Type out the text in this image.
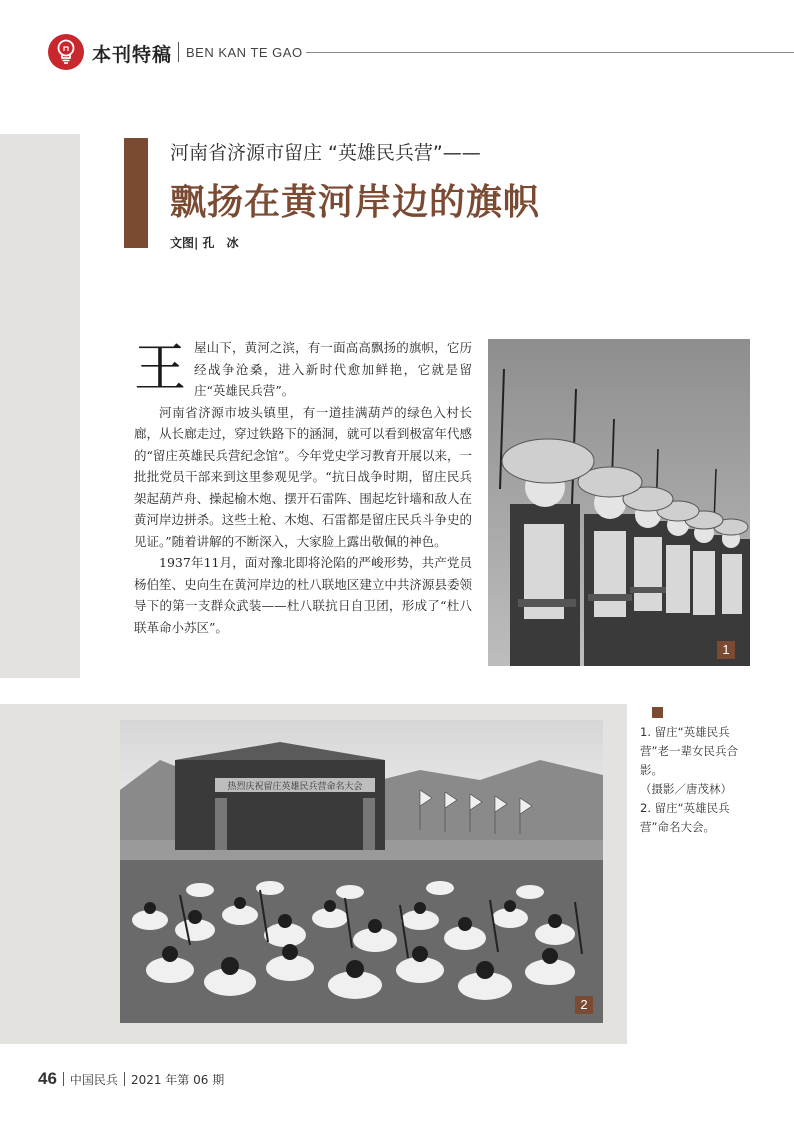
本刊特稿 BEN KAN TE GAO
河南省济源市留庄 “英雄民兵营”——
飘扬在黄河岸边的旗帜
文图| 孔　冰

王屋山下，黄河之滨，有一面高高飘扬的旗帜，它历经战争沧桑，进入新时代愈加鲜艳，它就是留庄“英雄民兵营”。

河南省济源市坡头镇里，有一道挂满葫芦的绿色入村长廊，从长廊走过，穿过铁路下的涵洞，就可以看到极富年代感的“留庄英雄民兵营纪念馆”。今年党史学习教育开展以来，一批批党员干部来到这里参观见学。“抗日战争时期，留庄民兵架起葫芦舟、操起榆木炮、摆开石雷阵、围起圪针墙和敌人在黄河岸边拼杀。这些土枪、木炮、石雷都是留庄民兵斗争史的见证。”随着讲解的不断深入，大家脸上露出敬佩的神色。

1937年11月，面对豫北即将沦陷的严峻形势，共产党员杨伯笙、史向生在黄河岸边的杜八联地区建立中共济源县委领导下的第一支群众武装——杜八联抗日自卫团，形成了“杜八联革命小苏区”。

1
热烈庆祝留庄英雄民兵营命名大会
2
1. 留庄“英雄民兵营”老一辈女民兵合影。
（摄影／唐茂林）
2. 留庄“英雄民兵营”命名大会。
46 中国民兵 2021 年第 06 期
